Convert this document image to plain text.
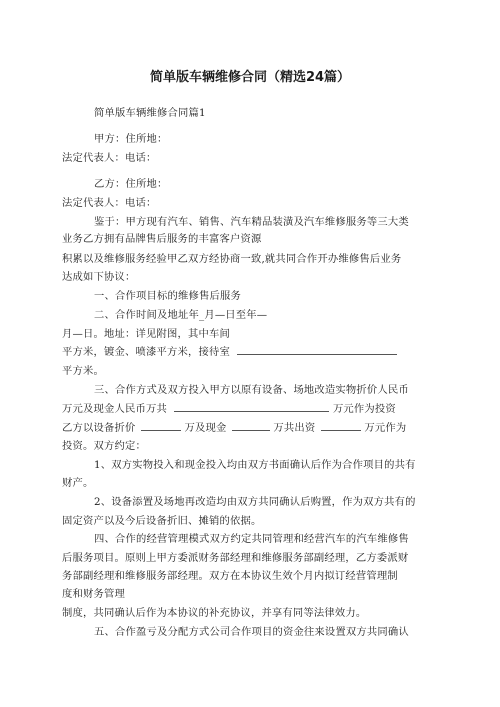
简单版车辆维修合同（精选24篇）
简单版车辆维修合同篇1
甲方：住所地：
法定代表人：电话：
乙方：住所地：
法定代表人：电话：
鉴于：甲方现有汽车、销售、汽车精品装潢及汽车维修服务等三大类
业务乙方拥有品牌售后服务的丰富客户资源
积累以及维修服务经验甲乙双方经协商一致,就共同合作开办维修售后业务
达成如下协议：
一、合作项目标的维修售后服务
二、合作时间及地址年_月—日至年—
月—日。地址：详见附图，其中车间
平方米，镀金、喷漆平方米，接待室
平方米。
三、合作方式及双方投入甲方以原有设备、场地改造实物折价人民币
万元及现金人民币万共	万元作为投资
乙方以设备折价	万及现金	万共出资	万元作为
投资。双方约定：
1、双方实物投入和现金投入均由双方书面确认后作为合作项目的共有
财产。
2、设备添置及场地再改造均由双方共同确认后购置，作为双方共有的
固定资产以及今后设备折旧、摊销的依据。
四、合作的经营管理模式双方约定共同管理和经营汽车的汽车维修售
后服务项目。原则上甲方委派财务部经理和维修服务部副经理，乙方委派财
务部副经理和维修服务部经理。双方在本协议生效个月内拟订经营管理制
度和财务管理
制度，共同确认后作为本协议的补充协议，并享有同等法律效力。
五、合作盈亏及分配方式公司合作项目的资金往来设置双方共同确认
